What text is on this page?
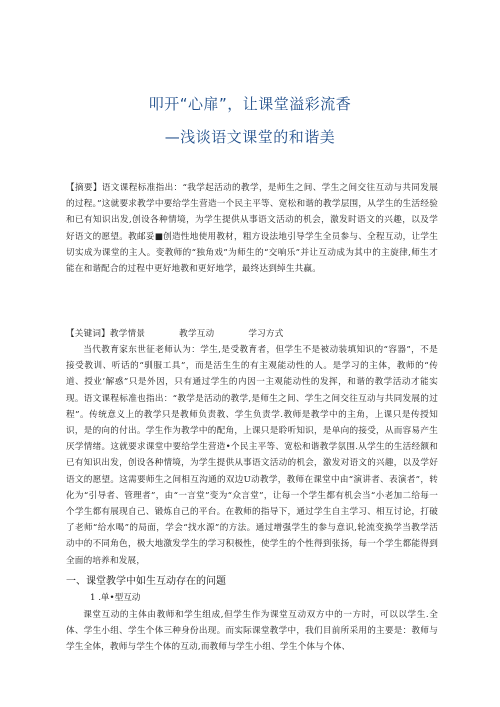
叩开“心扉”，让课堂溢彩流香
—浅谈语文课堂的和谐美
【摘要】语文课程标准指出：“我学起活动的教学，是师生之间、学生之间交往互动与共同发展的过程。”这就要求教学中要给学生营造一个民主平等、宽松和谐的教学层围，从学生的生活经验和已有知识出发,创设各种情境，为学生提供从事语文活动的机会，激发时语文的兴趣，以及学好语文的愿望。教邮妥■创造性地使用教材，粗方设法地引导学生全员参与、全程互动，让学生切实成为课堂的主人。变教师的“独角戏”为师生的“交响乐”并让互动成为其中的主旋律,师生才能在和谐配合的过程中更好地教和更好地学，最终达到绰生共赢。
【关键词】教学情景	教学互动	学习方式
当代教育家东世征老师认为：学生,是受教育者，但学生不是被动装填知识的“容器”，不是接受教训、听话的“驯服工具”，而是活生生的有主观能动性的人。是学习的主体，教师的“传道、授业’解惑”只是外因，只有通过学生的内因一主观能动性的发挥，和谐的教学活动才能实现。语文课程标准也指出：“教学是活动的教学,是师生之间、学生之间交往互动与共同发展的过程”。传统意义上的教学只是教师负责教、学生负责学.教师是教学中的主角，上课只是传授知识，是的向的付出。学生作为教学中的配角，上课只是聆听知识，是单向的接受，从而容易产生厌学情绪。这就要求课堂中要给学生营造•个民主平等、宽松和谐教学氛围.从学生的生活经额和已有知识出发，创设各种情境，为学生提供从事语文活动的机会，激发对语文的兴趣，以及学好语文的愿望。这需要师生之间相互沟通的双边U动教学，教师在课堂中由“演讲者、表演者”，转化为“引导者、管理者”，由“一言堂”变为“众言堂”，让每一个学生都有机会当“小老加二给每一个学生都有展现自己、锻炼自己的平台。在教师的指导下，通过学生自主学习、相互讨论，打破了老师“给水喝”的局面，学会“找水源”的方法。通过增强学生的参与意识,轮流变换学当教学活动中的不同角色，极大地激发学生的学习积极性，使学生的个性得到张扬，每一个学生都能得到全面的培养和发展，
一、课堂教学中如生互动存在的问题
1 .单•型互动
课堂互动的主体由教师和学生组成,但学生作为课堂互动双方中的一方时，可以以学生.全体、学生小组、学生个体三种身份出现。而实际课堂教学中，我们目前所采用的主要是：教师与学生全体，教师与学生个体的互动,而教师与学生小组、学生个体与个体、
